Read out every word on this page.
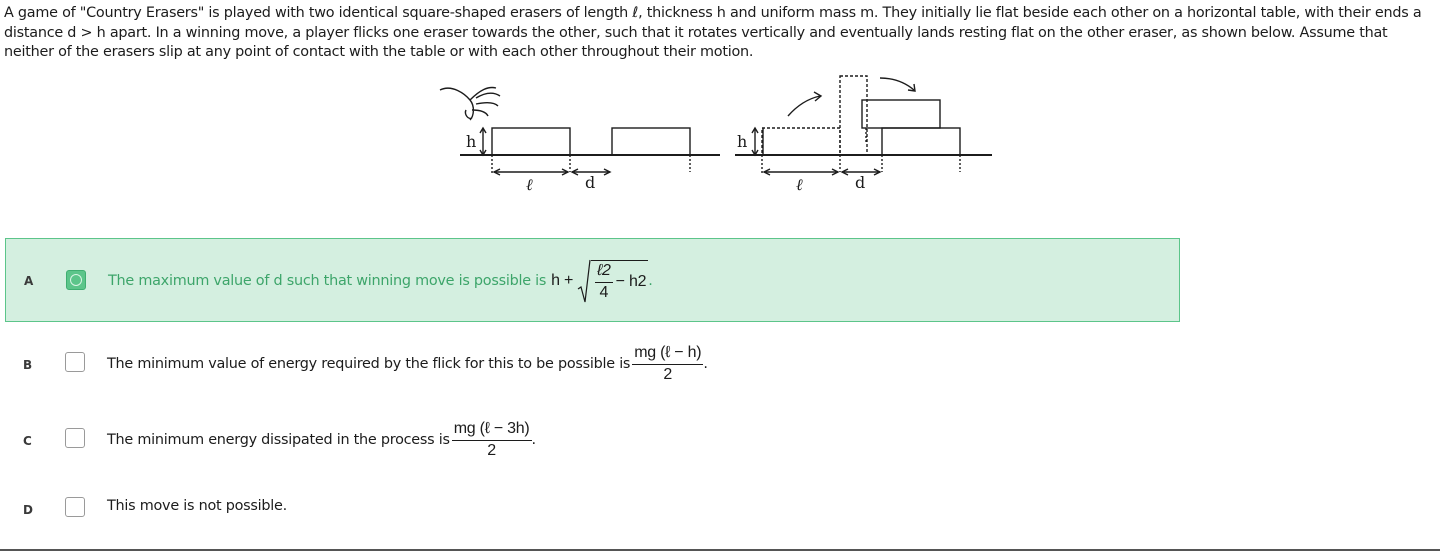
A game of "Country Erasers" is played with two identical square-shaped erasers of length ℓ, thickness h and uniform mass m. They initially lie flat beside each other on a horizontal table, with their ends a distance d > h apart. In a winning move, a player flicks one eraser towards the other, such that it rotates vertically and eventually lands resting flat on the other eraser, as shown below. Assume that neither of the erasers slip at any point of contact with the table or with each other throughout their motion.
h
ℓ	d
h
ℓ	d
A	The maximum value of d such that winning move is possible is $h + \frac{\text{ℓ2}}{4} - h2$ .
B	The minimum value of energy required by the flick for this to be possible is $\frac{\text{mg (ℓ − h)}}{2}$ .
C	The minimum energy dissipated in the process is $\frac{\text{mg (ℓ − 3h)}}{2}$ .
D	This move is not possible.
